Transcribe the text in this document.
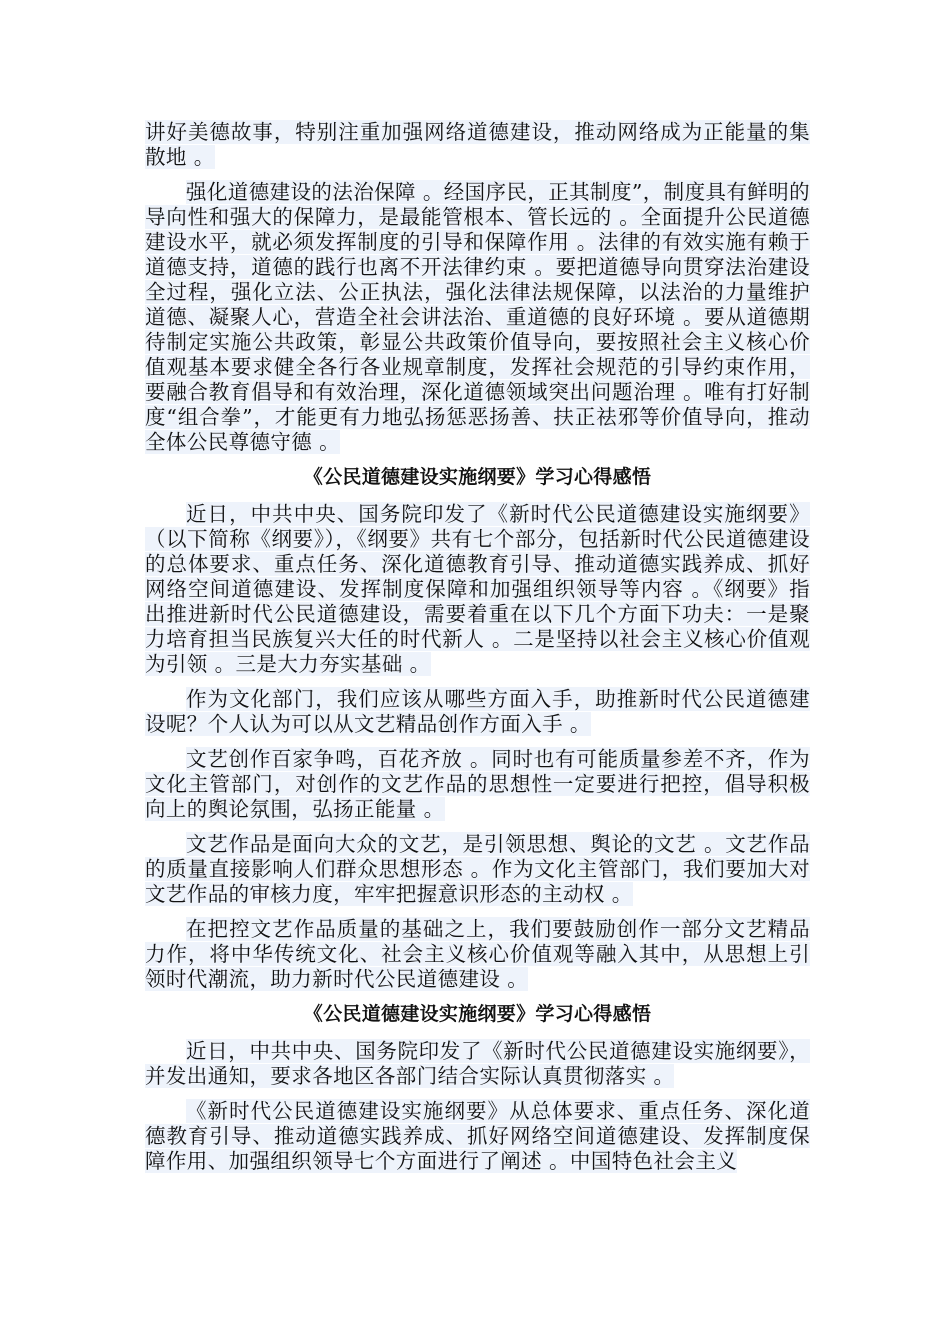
讲好美德故事，特别注重加强网络道德建设，推动网络成为正能量的集散地 。

强化道德建设的法治保障 。经国序民，正其制度”，制度具有鲜明的导向性和强大的保障力，是最能管根本、管长远的 。全面提升公民道德建设水平，就必须发挥制度的引导和保障作用 。法律的有效实施有赖于道德支持，道德的践行也离不开法律约束 。要把道德导向贯穿法治建设全过程，强化立法、公正执法，强化法律法规保障，以法治的力量维护道德、凝聚人心，营造全社会讲法治、重道德的良好环境 。要从道德期待制定实施公共政策，彰显公共政策价值导向，要按照社会主义核心价值观基本要求健全各行各业规章制度，发挥社会规范的引导约束作用，要融合教育倡导和有效治理，深化道德领域突出问题治理 。唯有打好制度“组合拳”，才能更有力地弘扬惩恶扬善、扶正祛邪等价值导向，推动全体公民尊德守德 。

《公民道德建设实施纲要》学习心得感悟

近日，中共中央、国务院印发了《新时代公民道德建设实施纲要》（以下简称《纲要》），《纲要》共有七个部分，包括新时代公民道德建设的总体要求、重点任务、深化道德教育引导、推动道德实践养成、抓好网络空间道德建设、发挥制度保障和加强组织领导等内容 。《纲要》指出推进新时代公民道德建设，需要着重在以下几个方面下功夫：一是聚力培育担当民族复兴大任的时代新人 。二是坚持以社会主义核心价值观为引领 。三是大力夯实基础 。

作为文化部门，我们应该从哪些方面入手，助推新时代公民道德建设呢？个人认为可以从文艺精品创作方面入手 。

文艺创作百家争鸣，百花齐放 。同时也有可能质量参差不齐，作为文化主管部门，对创作的文艺作品的思想性一定要进行把控，倡导积极向上的舆论氛围，弘扬正能量 。

文艺作品是面向大众的文艺，是引领思想、舆论的文艺 。文艺作品的质量直接影响人们群众思想形态 。作为文化主管部门，我们要加大对文艺作品的审核力度，牢牢把握意识形态的主动权 。

在把控文艺作品质量的基础之上，我们要鼓励创作一部分文艺精品力作，将中华传统文化、社会主义核心价值观等融入其中，从思想上引领时代潮流，助力新时代公民道德建设 。

《公民道德建设实施纲要》学习心得感悟

近日，中共中央、国务院印发了《新时代公民道德建设实施纲要》，并发出通知，要求各地区各部门结合实际认真贯彻落实 。

《新时代公民道德建设实施纲要》从总体要求、重点任务、深化道德教育引导、推动道德实践养成、抓好网络空间道德建设、发挥制度保障作用、加强组织领导七个方面进行了阐述 。中国特色社会主义
